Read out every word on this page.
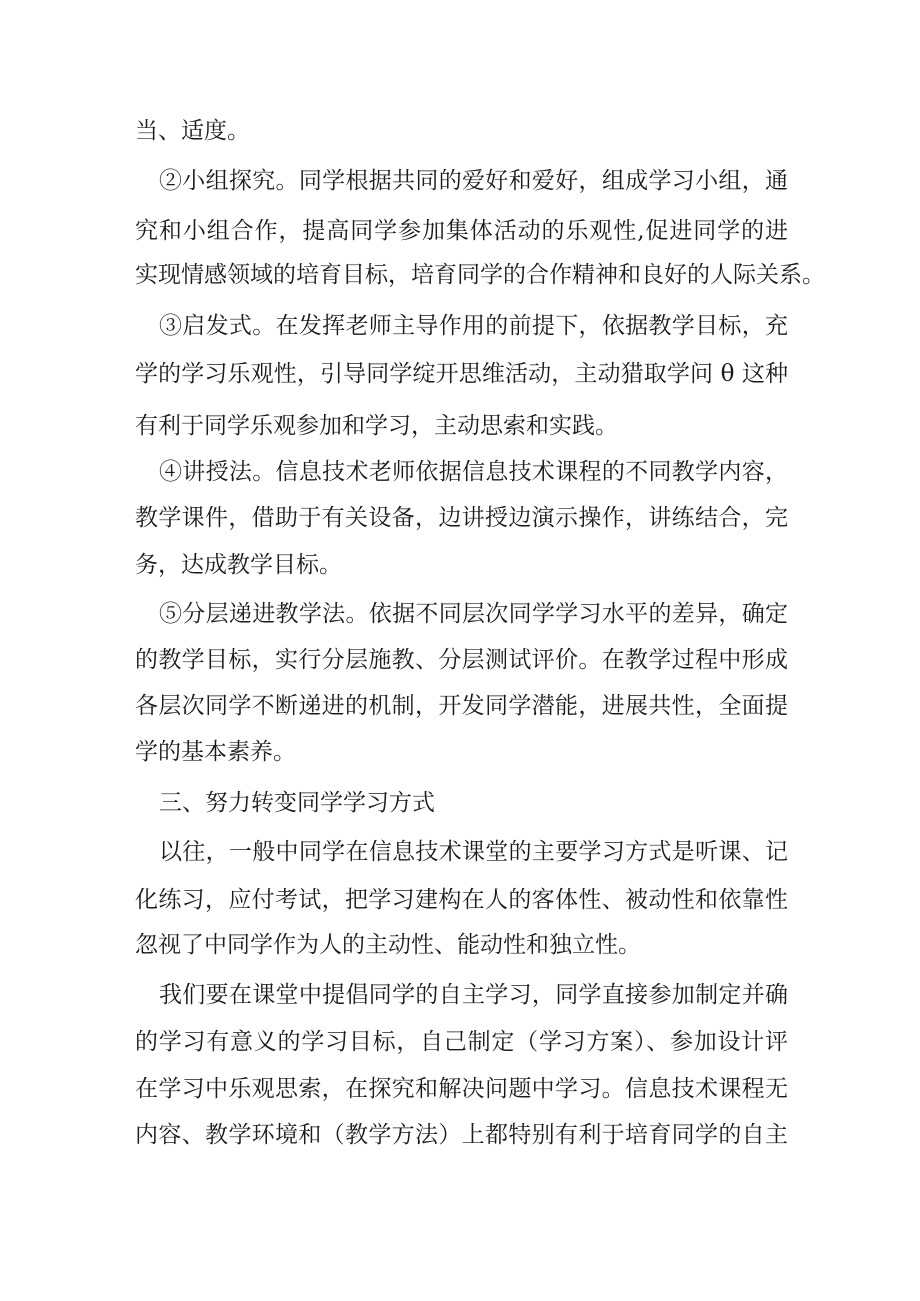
当、适度。

②小组探究。同学根据共同的爱好和爱好，组成学习小组，通

究和小组合作，提高同学参加集体活动的乐观性,促进同学的进

实现情感领域的培育目标，培育同学的合作精神和良好的人际关系。

③启发式。在发挥老师主导作用的前提下，依据教学目标，充

学的学习乐观性，引导同学绽开思维活动，主动猎取学问 θ 这种

有利于同学乐观参加和学习，主动思索和实践。

④讲授法。信息技术老师依据信息技术课程的不同教学内容，

教学课件，借助于有关设备，边讲授边演示操作，讲练结合，完

务，达成教学目标。

⑤分层递进教学法。依据不同层次同学学习水平的差异，确定

的教学目标，实行分层施教、分层测试评价。在教学过程中形成

各层次同学不断递进的机制，开发同学潜能，进展共性，全面提

学的基本素养。

三、努力转变同学学习方式

以往，一般中同学在信息技术课堂的主要学习方式是听课、记

化练习，应付考试，把学习建构在人的客体性、被动性和依靠性

忽视了中同学作为人的主动性、能动性和独立性。

我们要在课堂中提倡同学的自主学习，同学直接参加制定并确

的学习有意义的学习目标，自己制定（学习方案）、参加设计评

在学习中乐观思索，在探究和解决问题中学习。信息技术课程无

内容、教学环境和（教学方法）上都特别有利于培育同学的自主
